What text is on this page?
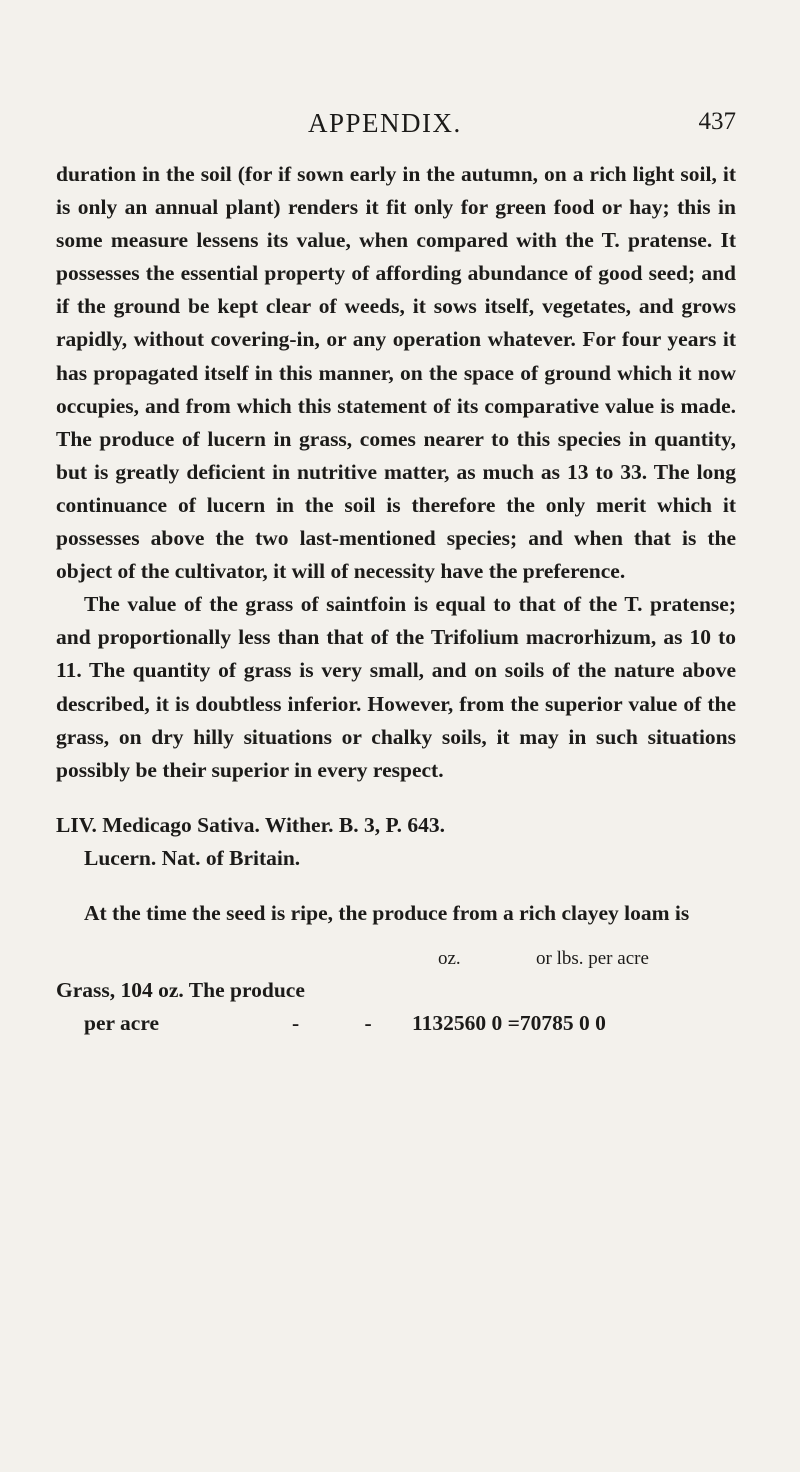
APPENDIX.	437

duration in the soil (for if sown early in the autumn, on a rich light soil, it is only an annual plant) renders it fit only for green food or hay; this in some measure lessens its value, when compared with the T. pratense. It possesses the essential property of affording abundance of good seed; and if the ground be kept clear of weeds, it sows itself, vegetates, and grows rapidly, without covering-in, or any operation whatever. For four years it has propagated itself in this manner, on the space of ground which it now occupies, and from which this statement of its comparative value is made. The produce of lucern in grass, comes nearer to this species in quantity, but is greatly deficient in nutritive matter, as much as 13 to 33. The long continuance of lucern in the soil is therefore the only merit which it possesses above the two last-mentioned species; and when that is the object of the cultivator, it will of necessity have the preference.

The value of the grass of saintfoin is equal to that of the T. pratense; and proportionally less than that of the Trifolium macrorhizum, as 10 to 11. The quantity of grass is very small, and on soils of the nature above described, it is doubtless inferior. However, from the superior value of the grass, on dry hilly situations or chalky soils, it may in such situations possibly be their superior in every respect.

LIV. Medicago Sativa. Wither. B. 3, P. 643.
Lucern. Nat. of Britain.

At the time the seed is ripe, the produce from a rich clayey loam is

oz.	or lbs. per acre
Grass, 104 oz. The produce
per acre	- - 1132560 0 =70785 0 0
